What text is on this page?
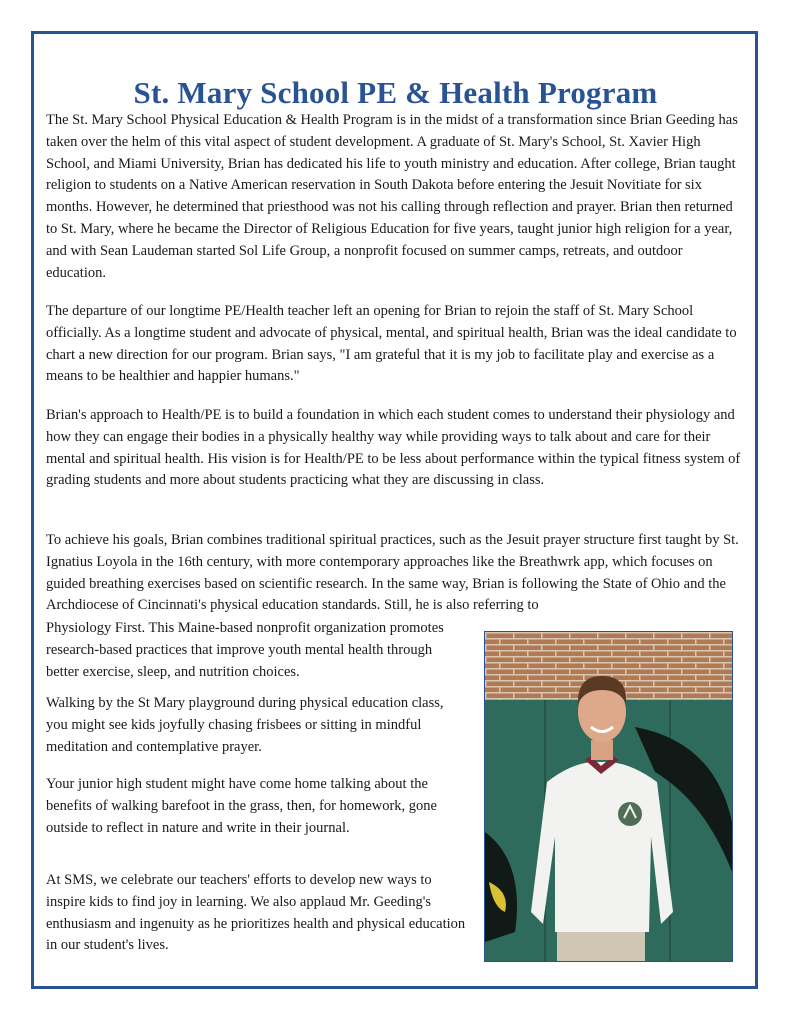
St. Mary School PE & Health Program

The St. Mary School Physical Education & Health Program is in the midst of a transformation since Brian Geeding has taken over the helm of this vital aspect of student development. A graduate of St. Mary's School, St. Xavier High School, and Miami University, Brian has dedicated his life to youth ministry and education. After college, Brian taught religion to students on a Native American reservation in South Dakota before entering the Jesuit Novitiate for six months. However, he determined that priesthood was not his calling through reflection and prayer. Brian then returned to St. Mary, where he became the Director of Religious Education for five years, taught junior high religion for a year, and with Sean Laudeman started Sol Life Group, a nonprofit focused on summer camps, retreats, and outdoor education.

The departure of our longtime PE/Health teacher left an opening for Brian to rejoin the staff of St. Mary School officially. As a longtime student and advocate of physical, mental, and spiritual health, Brian was the ideal candidate to chart a new direction for our program. Brian says, "I am grateful that it is my job to facilitate play and exercise as a means to be healthier and happier humans."

Brian's approach to Health/PE is to build a foundation in which each student comes to understand their physiology and how they can engage their bodies in a physically healthy way while providing ways to talk about and care for their mental and spiritual health. His vision is for Health/PE to be less about performance within the typical fitness system of grading students and more about students practicing what they are discussing in class.

To achieve his goals, Brian combines traditional spiritual practices, such as the Jesuit prayer structure first taught by St. Ignatius Loyola in the 16th century, with more contemporary approaches like the Breathwrk app, which focuses on guided breathing exercises based on scientific research. In the same way, Brian is following the State of Ohio and the Archdiocese of Cincinnati's physical education standards. Still, he is also referring to

Physiology First. This Maine-based nonprofit organization promotes research-based practices that improve youth mental health through better exercise, sleep, and nutrition choices.

Walking by the St Mary playground during physical education class, you might see kids joyfully chasing frisbees or sitting in mindful meditation and contemplative prayer.

Your junior high student might have come home talking about the benefits of walking barefoot in the grass, then, for homework, gone outside to reflect in nature and write in their journal.

At SMS, we celebrate our teachers' efforts to develop new ways to inspire kids to find joy in learning. We also applaud Mr. Geeding's enthusiasm and ingenuity as he prioritizes health and physical education in our student's lives.
